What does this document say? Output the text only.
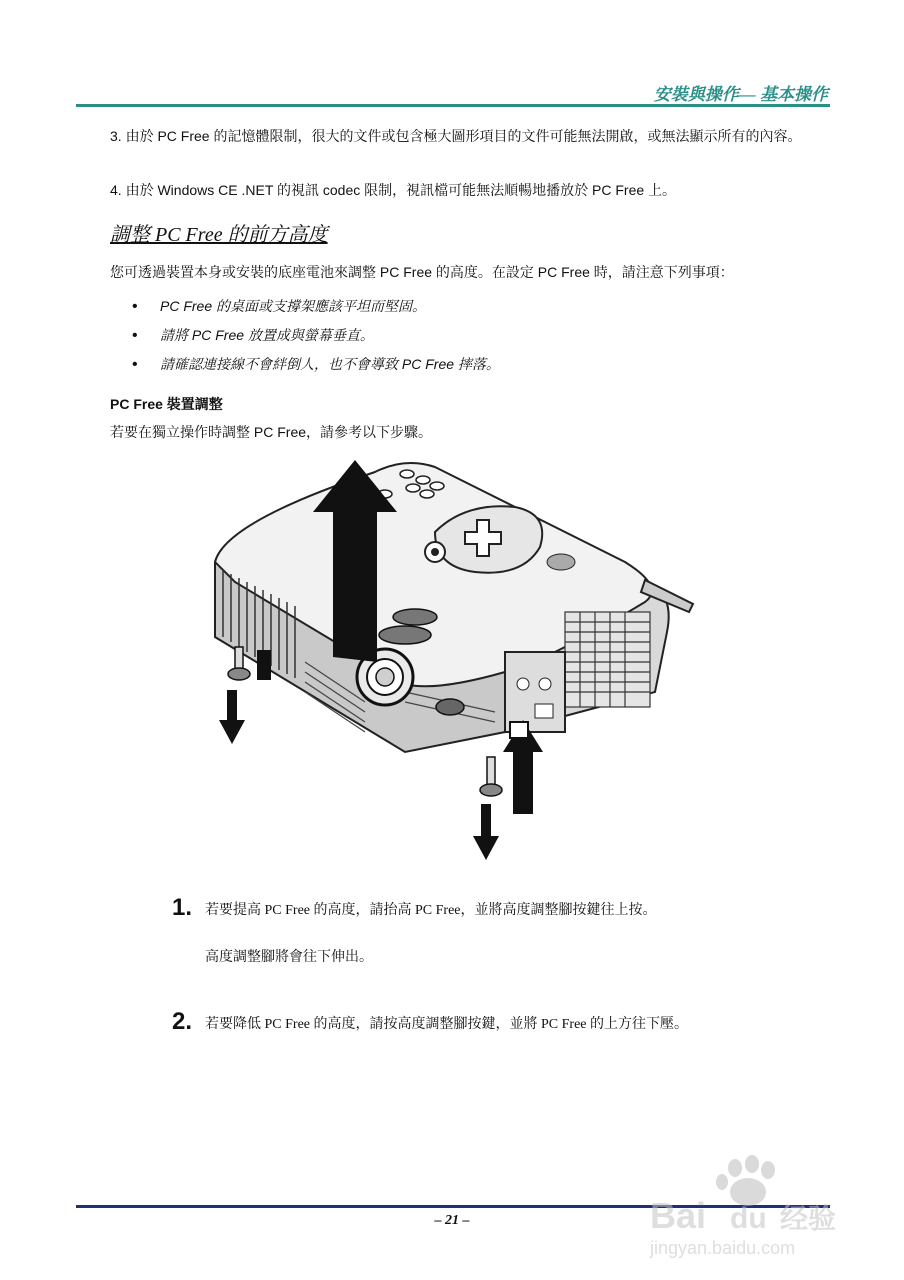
安裝與操作— 基本操作
3. 由於 PC Free 的記憶體限制，很大的文件或包含極大圖形項目的文件可能無法開啟，或無法顯示所有的內容。
4. 由於 Windows CE .NET 的視訊 codec 限制，視訊檔可能無法順暢地播放於 PC Free 上。
調整 PC Free 的前方高度
您可透過裝置本身或安裝的底座電池來調整 PC Free 的高度。在設定 PC Free 時，請注意下列事項：
• PC Free 的桌面或支撐架應該平坦而堅固。
• 請將 PC Free 放置成與螢幕垂直。
• 請確認連接線不會絆倒人，也不會導致 PC Free 摔落。
PC Free 裝置調整
若要在獨立操作時調整 PC Free，請參考以下步驟。
1. 若要提高 PC Free 的高度，請抬高 PC Free，並將高度調整腳按鍵往上按。
高度調整腳將會往下伸出。
2. 若要降低 PC Free 的高度，請按高度調整腳按鍵，並將 PC Free 的上方往下壓。
– 21 –	Bai du 经验
jingyan.baidu.com
